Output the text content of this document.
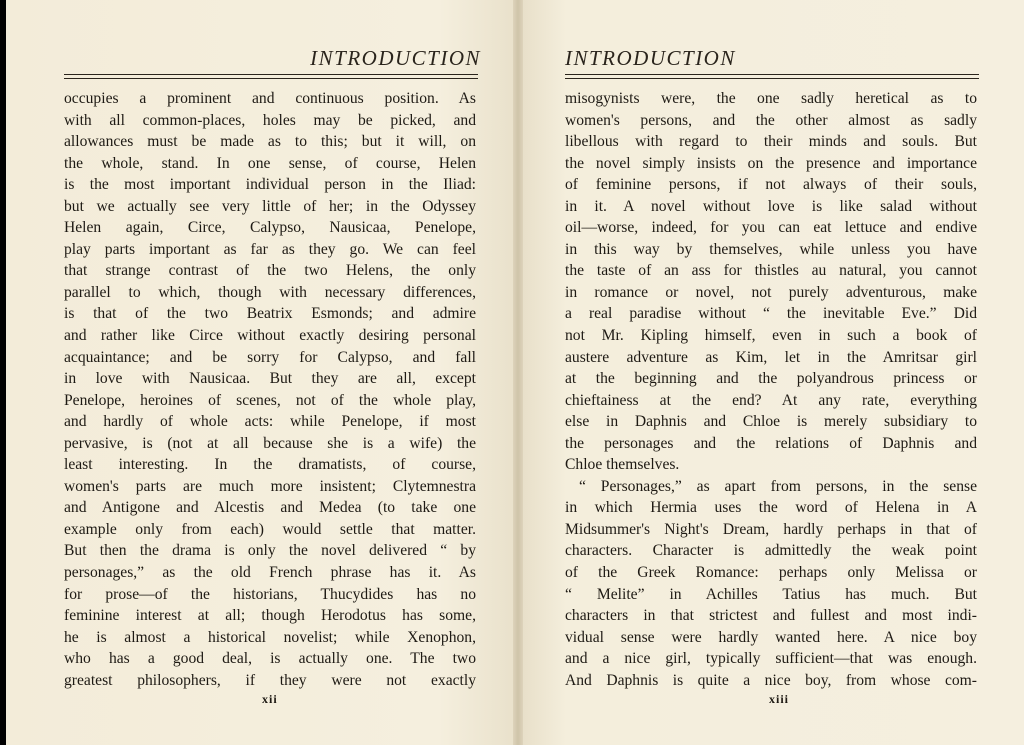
INTRODUCTION
occupies a prominent and continuous position. As
with all common-places, holes may be picked, and
allowances must be made as to this; but it will, on
the whole, stand. In one sense, of course, Helen
is the most important individual person in the Iliad:
but we actually see very little of her; in the Odyssey
Helen again, Circe, Calypso, Nausicaa, Penelope,
play parts important as far as they go. We can feel
that strange contrast of the two Helens, the only
parallel to which, though with necessary differences,
is that of the two Beatrix Esmonds; and admire
and rather like Circe without exactly desiring personal
acquaintance; and be sorry for Calypso, and fall
in love with Nausicaa. But they are all, except
Penelope, heroines of scenes, not of the whole play,
and hardly of whole acts: while Penelope, if most
pervasive, is (not at all because she is a wife) the
least interesting. In the dramatists, of course,
women's parts are much more insistent; Clytemnestra
and Antigone and Alcestis and Medea (to take one
example only from each) would settle that matter.
But then the drama is only the novel delivered “ by
personages,” as the old French phrase has it. As
for prose—of the historians, Thucydides has no
feminine interest at all; though Herodotus has some,
he is almost a historical novelist; while Xenophon,
who has a good deal, is actually one. The two
greatest philosophers, if they were not exactly
xii
INTRODUCTION
misogynists were, the one sadly heretical as to
women's persons, and the other almost as sadly
libellous with regard to their minds and souls. But
the novel simply insists on the presence and importance
of feminine persons, if not always of their souls,
in it. A novel without love is like salad without
oil—worse, indeed, for you can eat lettuce and endive
in this way by themselves, while unless you have
the taste of an ass for thistles au natural, you cannot
in romance or novel, not purely adventurous, make
a real paradise without “ the inevitable Eve.” Did
not Mr. Kipling himself, even in such a book of
austere adventure as Kim, let in the Amritsar girl
at the beginning and the polyandrous princess or
chieftainess at the end? At any rate, everything
else in Daphnis and Chloe is merely subsidiary to
the personages and the relations of Daphnis and
Chloe themselves.
“ Personages,” as apart from persons, in the sense
in which Hermia uses the word of Helena in A
Midsummer's Night's Dream, hardly perhaps in that of
characters. Character is admittedly the weak point
of the Greek Romance: perhaps only Melissa or
“ Melite” in Achilles Tatius has much. But
characters in that strictest and fullest and most indi-
vidual sense were hardly wanted here. A nice boy
and a nice girl, typically sufficient—that was enough.
And Daphnis is quite a nice boy, from whose com-
xiii
